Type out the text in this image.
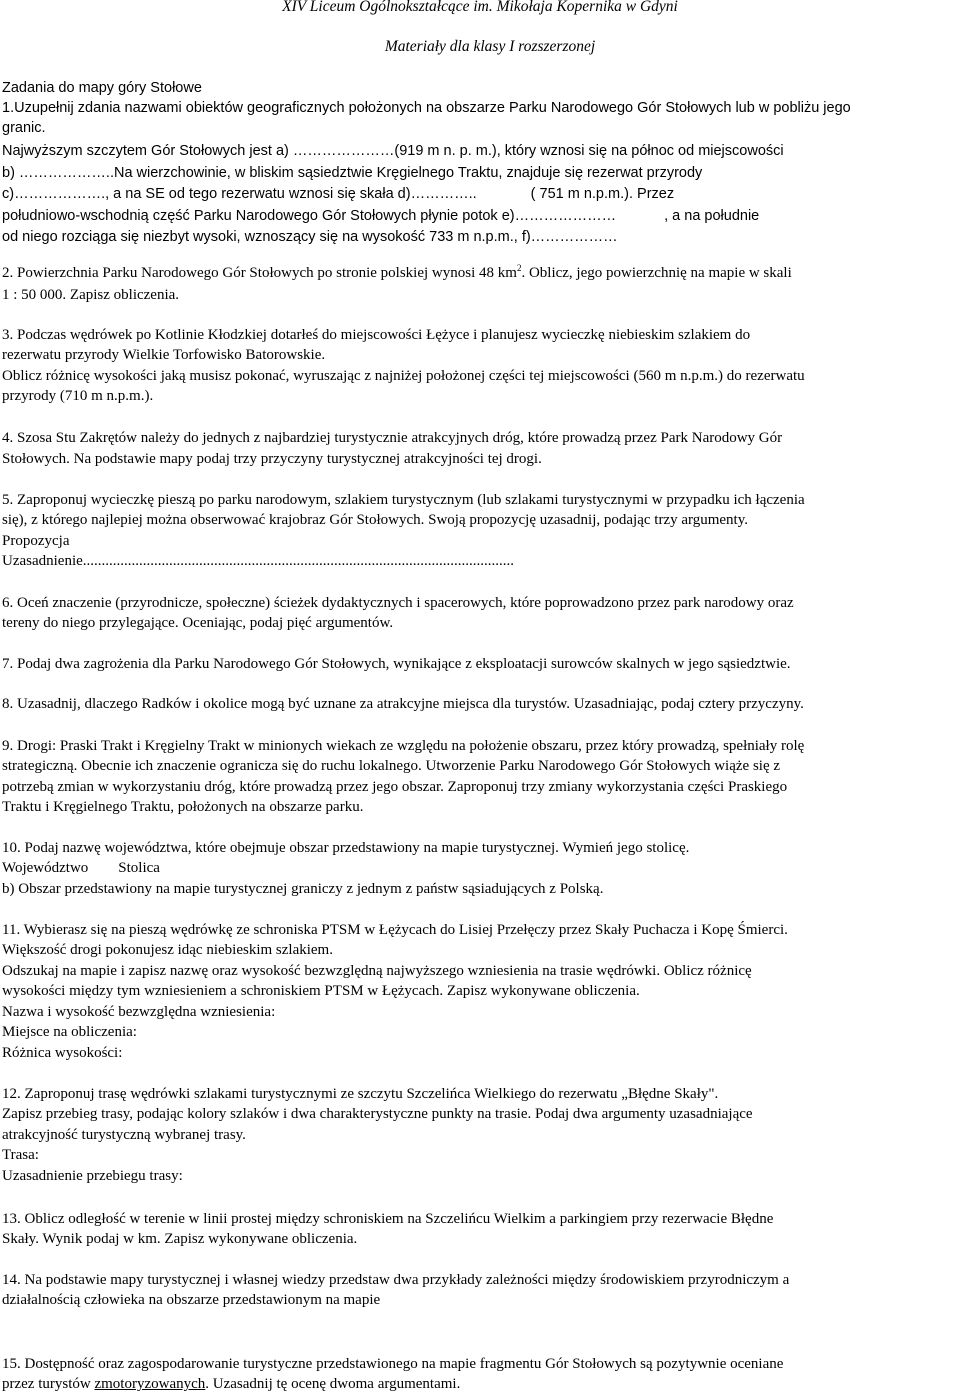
XIV Liceum Ogólnokształcące im. Mikołaja Kopernika w Gdyni
Materiały dla klasy I rozszerzonej
Zadania do mapy góry Stołowe
1.Uzupełnij zdania nazwami obiektów geograficznych położonych na obszarze Parku Narodowego Gór Stołowych lub w pobliżu jego
granic.
Najwyższym szczytem Gór Stołowych jest a) …………………(919 m n. p. m.), który wznosi się na północ od miejscowości
b) ………………..Na wierzchowinie, w bliskim sąsiedztwie Kręgielnego Traktu, znajduje się rezerwat przyrody
c)………………., a na SE od tego rezerwatu wznosi się skała d)…………..	( 751 m n.p.m.). Przez
południowo-wschodnią część Parku Narodowego Gór Stołowych płynie potok e)…………………	, a na południe
od niego rozciąga się niezbyt wysoki, wznoszący się na wysokość 733 m n.p.m., f)………………
2. Powierzchnia Parku Narodowego Gór Stołowych po stronie polskiej wynosi 48 $km^2$. Oblicz, jego powierzchnię na mapie w skali
1 : 50 000. Zapisz obliczenia.
3. Podczas wędrówek po Kotlinie Kłodzkiej dotarłeś do miejscowości Łężyce i planujesz wycieczkę niebieskim szlakiem do
rezerwatu przyrody Wielkie Torfowisko Batorowskie.
Oblicz różnicę wysokości jaką musisz pokonać, wyruszając z najniżej położonej części tej miejscowości (560 m n.p.m.) do rezerwatu
przyrody (710 m n.p.m.).
4. Szosa Stu Zakrętów należy do jednych z najbardziej turystycznie atrakcyjnych dróg, które prowadzą przez Park Narodowy Gór
Stołowych. Na podstawie mapy podaj trzy przyczyny turystycznej atrakcyjności tej drogi.
5. Zaproponuj wycieczkę pieszą po parku narodowym, szlakiem turystycznym (lub szlakami turystycznymi w przypadku ich łączenia
się), z którego najlepiej można obserwować krajobraz Gór Stołowych. Swoją propozycję uzasadnij, podając trzy argumenty.
Propozycja
Uzasadnienie...................................................................................................................
6. Oceń znaczenie (przyrodnicze, społeczne) ścieżek dydaktycznych i spacerowych, które poprowadzono przez park narodowy oraz
tereny do niego przylegające. Oceniając, podaj pięć argumentów.
7. Podaj dwa zagrożenia dla Parku Narodowego Gór Stołowych, wynikające z eksploatacji surowców skalnych w jego sąsiedztwie.
8. Uzasadnij, dlaczego Radków i okolice mogą być uznane za atrakcyjne miejsca dla turystów. Uzasadniając, podaj cztery przyczyny.
9. Drogi: Praski Trakt i Kręgielny Trakt w minionych wiekach ze względu na położenie obszaru, przez który prowadzą, spełniały rolę
strategiczną. Obecnie ich znaczenie ogranicza się do ruchu lokalnego. Utworzenie Parku Narodowego Gór Stołowych wiąże się z
potrzebą zmian w wykorzystaniu dróg, które prowadzą przez jego obszar. Zaproponuj trzy zmiany wykorzystania części Praskiego
Traktu i Kręgielnego Traktu, położonych na obszarze parku.
10. Podaj nazwę województwa, które obejmuje obszar przedstawiony na mapie turystycznej. Wymień jego stolicę.
Województwo Stolica
b) Obszar przedstawiony na mapie turystycznej graniczy z jednym z państw sąsiadujących z Polską.
11. Wybierasz się na pieszą wędrówkę ze schroniska PTSM w Łężycach do Lisiej Przełęczy przez Skały Puchacza i Kopę Śmierci.
Większość drogi pokonujesz idąc niebieskim szlakiem.
Odszukaj na mapie i zapisz nazwę oraz wysokość bezwzględną najwyższego wzniesienia na trasie wędrówki. Oblicz różnicę
wysokości między tym wzniesieniem a schroniskiem PTSM w Łężycach. Zapisz wykonywane obliczenia.
Nazwa i wysokość bezwzględna wzniesienia:
Miejsce na obliczenia:
Różnica wysokości:
12. Zaproponuj trasę wędrówki szlakami turystycznymi ze szczytu Szczelińca Wielkiego do rezerwatu „Błędne Skały".
Zapisz przebieg trasy, podając kolory szlaków i dwa charakterystyczne punkty na trasie. Podaj dwa argumenty uzasadniające
atrakcyjność turystyczną wybranej trasy.
Trasa:
Uzasadnienie przebiegu trasy:
13. Oblicz odległość w terenie w linii prostej między schroniskiem na Szczelińcu Wielkim a parkingiem przy rezerwacie Błędne
Skały. Wynik podaj w km. Zapisz wykonywane obliczenia.
14. Na podstawie mapy turystycznej i własnej wiedzy przedstaw dwa przykłady zależności między środowiskiem przyrodniczym a
działalnością człowieka na obszarze przedstawionym na mapie
15. Dostępność oraz zagospodarowanie turystyczne przedstawionego na mapie fragmentu Gór Stołowych są pozytywnie oceniane
przez turystów zmotoryzowanych. Uzasadnij tę ocenę dwoma argumentami.
